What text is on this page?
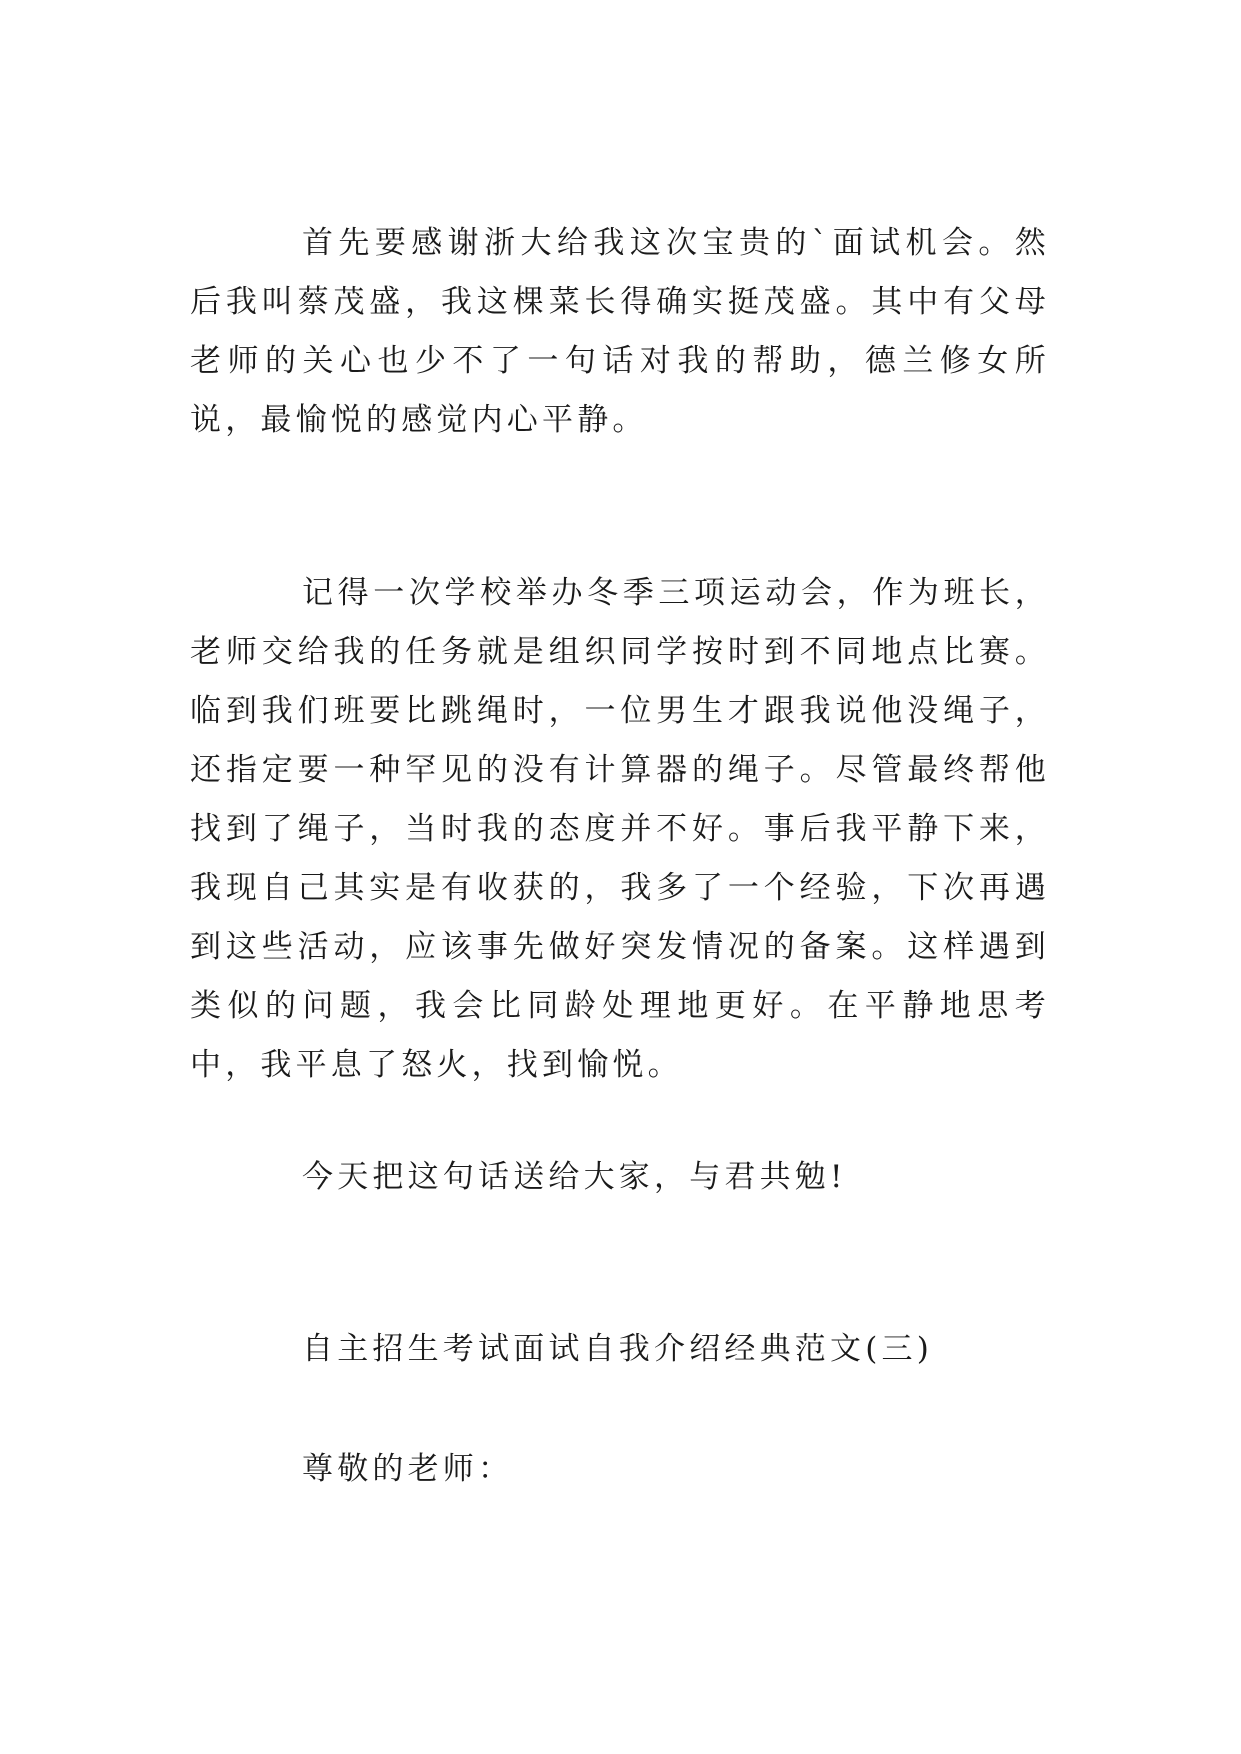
首先要感谢浙大给我这次宝贵的`面试机会。然后我叫蔡茂盛，我这棵菜长得确实挺茂盛。其中有父母老师的关心也少不了一句话对我的帮助，德兰修女所说，最愉悦的感觉内心平静。

记得一次学校举办冬季三项运动会，作为班长，老师交给我的任务就是组织同学按时到不同地点比赛。临到我们班要比跳绳时，一位男生才跟我说他没绳子，还指定要一种罕见的没有计算器的绳子。尽管最终帮他找到了绳子，当时我的态度并不好。事后我平静下来，我现自己其实是有收获的，我多了一个经验，下次再遇到这些活动，应该事先做好突发情况的备案。这样遇到类似的问题，我会比同龄处理地更好。在平静地思考中，我平息了怒火，找到愉悦。

今天把这句话送给大家，与君共勉!

自主招生考试面试自我介绍经典范文(三)

尊敬的老师：
